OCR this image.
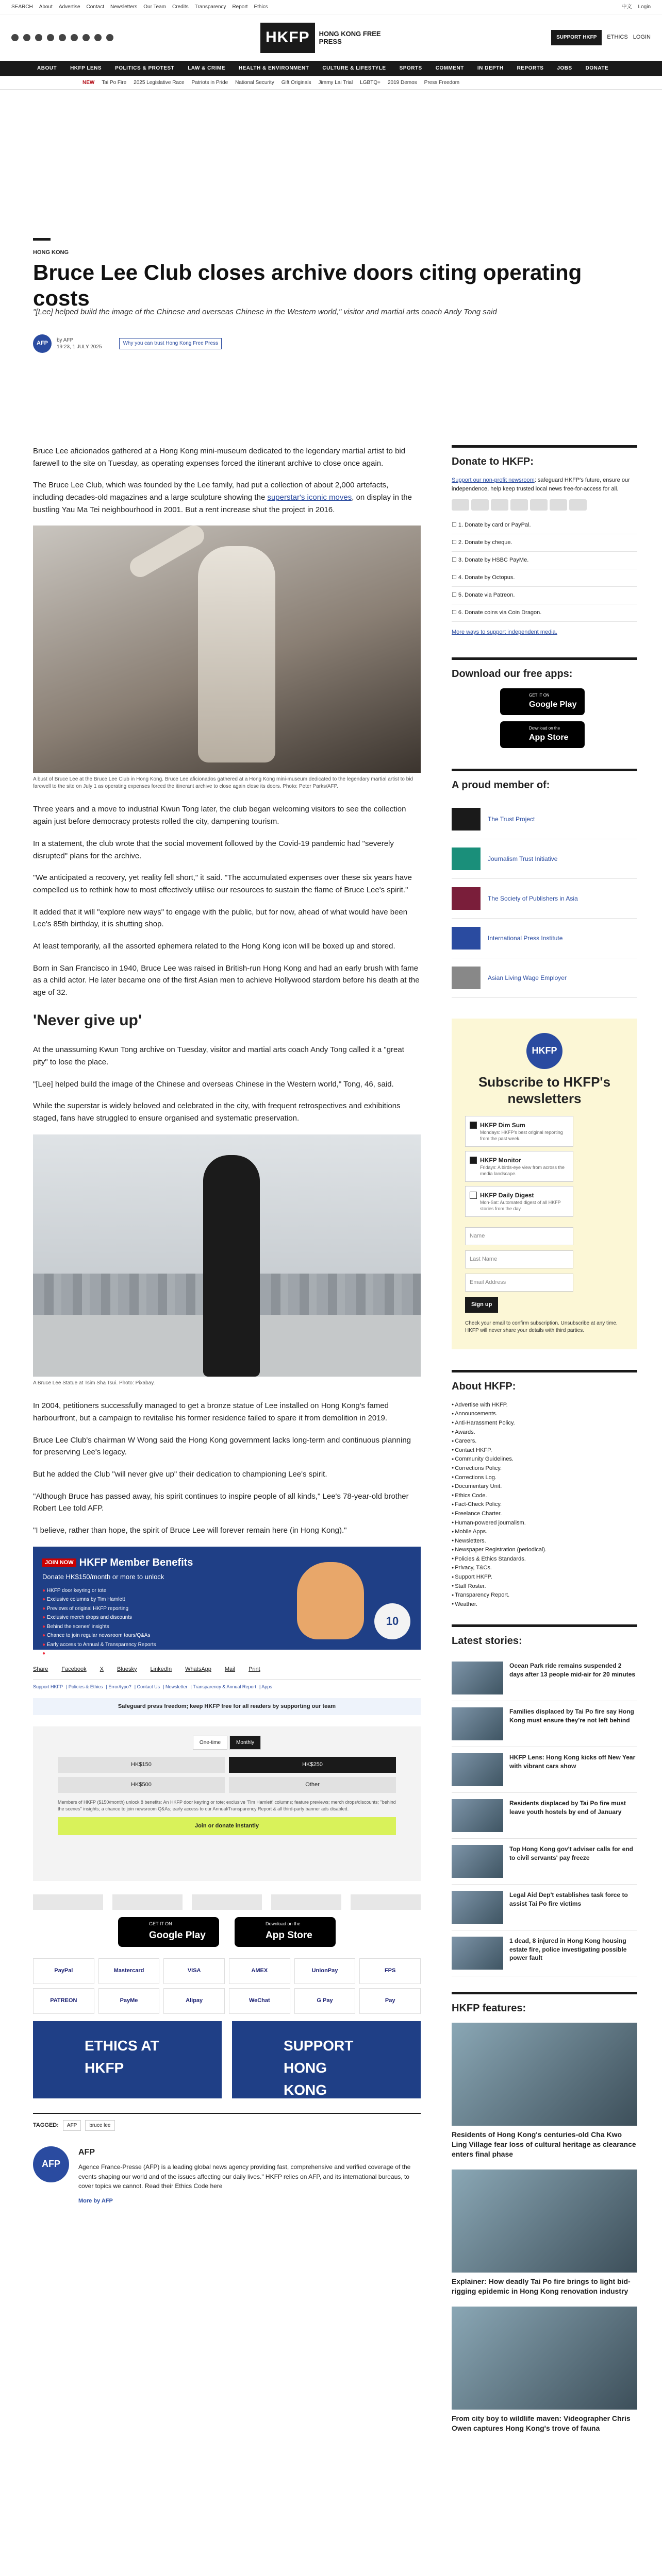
SEARCH About Advertise Contact Newsletters Our Team Credits Transparency Report Ethics	中文 Login
HKFP	HONG KONG FREE PRESS
SUPPORT HKFP	ETHICS LOGIN
ABOUT	HKFP LENS	POLITICS & PROTEST	LAW & CRIME	HEALTH & ENVIRONMENT	CULTURE & LIFESTYLE	SPORTS	COMMENT	IN DEPTH	REPORTS	JOBS	DONATE
NEW Tai Po Fire 2025 Legislative Race Patriots in Pride National Security Gift Originals Jimmy Lai Trial LGBTQ+ 2019 Demos Press Freedom
HONG KONG
Bruce Lee Club closes archive doors citing operating costs
"[Lee] helped build the image of the Chinese and overseas Chinese in the Western world," visitor and martial arts coach Andy Tong said
AFP	by AFP
19:23, 1 JULY 2025
Why you can trust Hong Kong Free Press

Bruce Lee aficionados gathered at a Hong Kong mini-museum dedicated to the legendary martial artist to bid farewell to the site on Tuesday, as operating expenses forced the itinerant archive to close once again.

The Bruce Lee Club, which was founded by the Lee family, had put a collection of about 2,000 artefacts, including decades-old magazines and a large sculpture showing the superstar's iconic moves, on display in the bustling Yau Ma Tei neighbourhood in 2001. But a rent increase shut the project in 2016.

A bust of Bruce Lee at the Bruce Lee Club in Hong Kong. Bruce Lee aficionados gathered at a Hong Kong mini-museum dedicated to the legendary martial artist to bid farewell to the site on July 1 as operating expenses forced the itinerant archive to close again close its doors. Photo: Peter Parks/AFP.

Three years and a move to industrial Kwun Tong later, the club began welcoming visitors to see the collection again just before democracy protests rolled the city, dampening tourism.

In a statement, the club wrote that the social movement followed by the Covid-19 pandemic had "severely disrupted" plans for the archive.

"We anticipated a recovery, yet reality fell short," it said. "The accumulated expenses over these six years have compelled us to rethink how to most effectively utilise our resources to sustain the flame of Bruce Lee's spirit."

It added that it will "explore new ways" to engage with the public, but for now, ahead of what would have been Lee's 85th birthday, it is shutting shop.

At least temporarily, all the assorted ephemera related to the Hong Kong icon will be boxed up and stored.

Born in San Francisco in 1940, Bruce Lee was raised in British-run Hong Kong and had an early brush with fame as a child actor. He later became one of the first Asian men to achieve Hollywood stardom before his death at the age of 32.

'Never give up'

At the unassuming Kwun Tong archive on Tuesday, visitor and martial arts coach Andy Tong called it a "great pity" to lose the place.

"[Lee] helped build the image of the Chinese and overseas Chinese in the Western world," Tong, 46, said.

While the superstar is widely beloved and celebrated in the city, with frequent retrospectives and exhibitions staged, fans have struggled to ensure organised and systematic preservation.

A Bruce Lee Statue at Tsim Sha Tsui. Photo: Pixabay.

In 2004, petitioners successfully managed to get a bronze statue of Lee installed on Hong Kong's famed harbourfront, but a campaign to revitalise his former residence failed to spare it from demolition in 2019.

Bruce Lee Club's chairman W Wong said the Hong Kong government lacks long-term and continuous planning for preserving Lee's legacy.

But he added the Club "will never give up" their dedication to championing Lee's spirit.

"Although Bruce has passed away, his spirit continues to inspire people of all kinds," Lee's 78-year-old brother Robert Lee told AFP.

"I believe, rather than hope, the spirit of Bruce Lee will forever remain here (in Hong Kong)."

JOIN NOW HKFP Member Benefits
Donate HK$150/month or more to unlock
● HKFP door keyring or tote
● Exclusive columns by Tim Hamlett
● Previews of original HKFP reporting
● Exclusive merch drops and discounts
● Behind the scenes' insights
● Chance to join regular newsroom tours/Q&As
● Early access to Annual & Transparency Reports
● All donors get a thank-you gift
10
Share Facebook X Bluesky LinkedIn WhatsApp Mail Print
Support HKFP | Policies & Ethics | Error/typo? | Contact Us | Newsletter | Transparency & Annual Report | Apps
Safeguard press freedom; keep HKFP free for all readers by supporting our team
One-time	Monthly
HK$150	HK$250
HK$500	Other
Members of HKFP ($150/month) unlock 8 benefits: An HKFP door keyring or tote; exclusive 'Tim Hamlett' columns; feature previews; merch drops/discounts; "behind the scenes" insights; a chance to join newsroom Q&As; early access to our Annual/Transparency Report & all third-party banner ads disabled.
Join or donate instantly
GET IT ON
Google Play
Download on the
App Store
PayPal	Mastercard	VISA	AMEX	UnionPay	FPS
PATREON	PayMe	Alipay	WeChat	G Pay	Pay
ETHICS AT HKFP
SUPPORT HONG KONG
TAGGED:	AFP	bruce lee
AFP
AFP

Agence France-Presse (AFP) is a leading global news agency providing fast, comprehensive and verified coverage of the events shaping our world and of the issues affecting our daily lives." HKFP relies on AFP, and its international bureaus, to cover topics we cannot. Read their Ethics Code here

More by AFP
Donate to HKFP:
Support our non-profit newsroom: safeguard HKFP's future, ensure our independence, help keep trusted local news free-for-access for all.
☐ 1. Donate by card or PayPal.
☐ 2. Donate by cheque.
☐ 3. Donate by HSBC PayMe.
☐ 4. Donate by Octopus.
☐ 5. Donate via Patreon.
☐ 6. Donate coins via Coin Dragon.
More ways to support independent media.
Download our free apps:
GET IT ON
Google Play
Download on the
App Store
A proud member of:
The Trust Project
Journalism Trust Initiative
The Society of Publishers in Asia
International Press Institute
Asian Living Wage Employer
HKFP
Subscribe to HKFP's newsletters
HKFP Dim Sum
Mondays: HKFP's best original reporting from the past week.
HKFP Monitor
Fridays: A birds-eye view from across the media landscape.
HKFP Daily Digest
Mon-Sat: Automated digest of all HKFP stories from the day.
Name
Last Name
Email Address
Sign up
Check your email to confirm subscription. Unsubscribe at any time. HKFP will never share your details with third parties.
About HKFP:
● Advertise with HKFP.
● Announcements.
● Anti-Harassment Policy.
● Awards.
● Careers.
● Contact HKFP.
● Community Guidelines.
● Corrections Policy.
● Corrections Log.
● Documentary Unit.
● Ethics Code.
● Fact-Check Policy.
● Freelance Charter.
● Human-powered journalism.
● Mobile Apps.
● Newsletters.
● Newspaper Registration (periodical).
● Policies & Ethics Standards.
● Privacy, T&Cs.
● Support HKFP.
● Staff Roster.
● Transparency Report.
● Weather.
Latest stories:
Ocean Park ride remains suspended 2 days after 13 people mid-air for 20 minutes
Families displaced by Tai Po fire say Hong Kong must ensure they're not left behind
HKFP Lens: Hong Kong kicks off New Year with vibrant cars show
Residents displaced by Tai Po fire must leave youth hostels by end of January
Top Hong Kong gov't adviser calls for end to civil servants' pay freeze
Legal Aid Dep't establishes task force to assist Tai Po fire victims
1 dead, 8 injured in Hong Kong housing estate fire, police investigating possible power fault
HKFP features:
Residents of Hong Kong's centuries-old Cha Kwo Ling Village fear loss of cultural heritage as clearance enters final phase
Explainer: How deadly Tai Po fire brings to light bid-rigging epidemic in Hong Kong renovation industry
From city boy to wildlife maven: Videographer Chris Owen captures Hong Kong's trove of fauna
